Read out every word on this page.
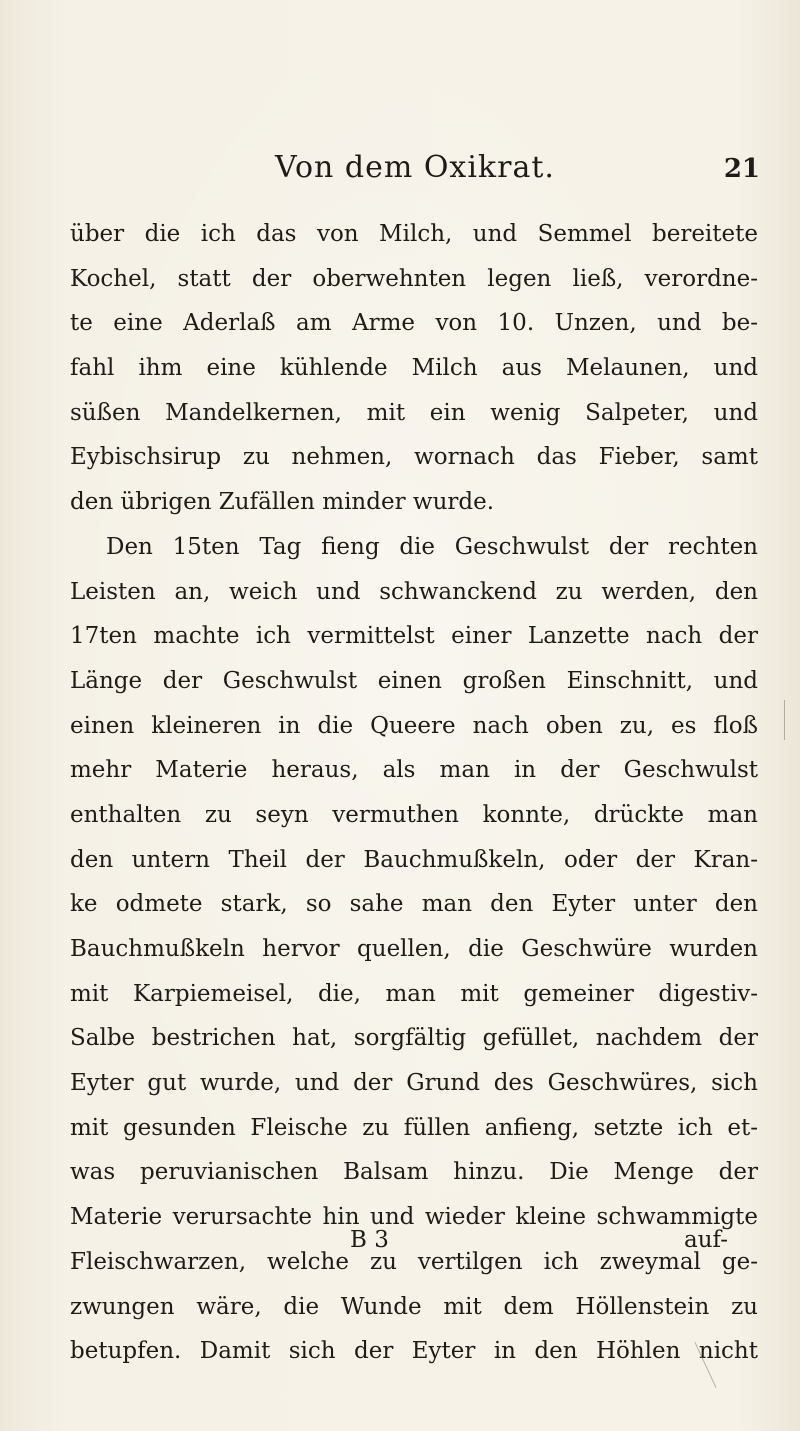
Von dem Oxikrat.	21
über die ich das von Milch, und Semmel bereitete
Kochel, statt der oberwehnten legen ließ, verordne-
te eine Aderlaß am Arme von 10. Unzen, und be-
fahl ihm eine kühlende Milch aus Melaunen, und
süßen Mandelkernen, mit ein wenig Salpeter, und
Eybischsirup zu nehmen, wornach das Fieber, samt
den übrigen Zufällen minder wurde.
Den 15ten Tag fieng die Geschwulst der rechten
Leisten an, weich und schwanckend zu werden, den
17ten machte ich vermittelst einer Lanzette nach der
Länge der Geschwulst einen großen Einschnitt, und
einen kleineren in die Queere nach oben zu, es floß
mehr Materie heraus, als man in der Geschwulst
enthalten zu seyn vermuthen konnte, drückte man
den untern Theil der Bauchmußkeln, oder der Kran-
ke odmete stark, so sahe man den Eyter unter den
Bauchmußkeln hervor quellen, die Geschwüre wurden
mit Karpiemeisel, die, man mit gemeiner digestiv-
Salbe bestrichen hat, sorgfältig gefüllet, nachdem der
Eyter gut wurde, und der Grund des Geschwüres, sich
mit gesunden Fleische zu füllen anfieng, setzte ich et-
was peruvianischen Balsam hinzu. Die Menge der
Materie verursachte hin und wieder kleine schwammigte
Fleischwarzen, welche zu vertilgen ich zweymal ge-
zwungen wäre, die Wunde mit dem Höllenstein zu
betupfen. Damit sich der Eyter in den Höhlen nicht
B 3	auf-
